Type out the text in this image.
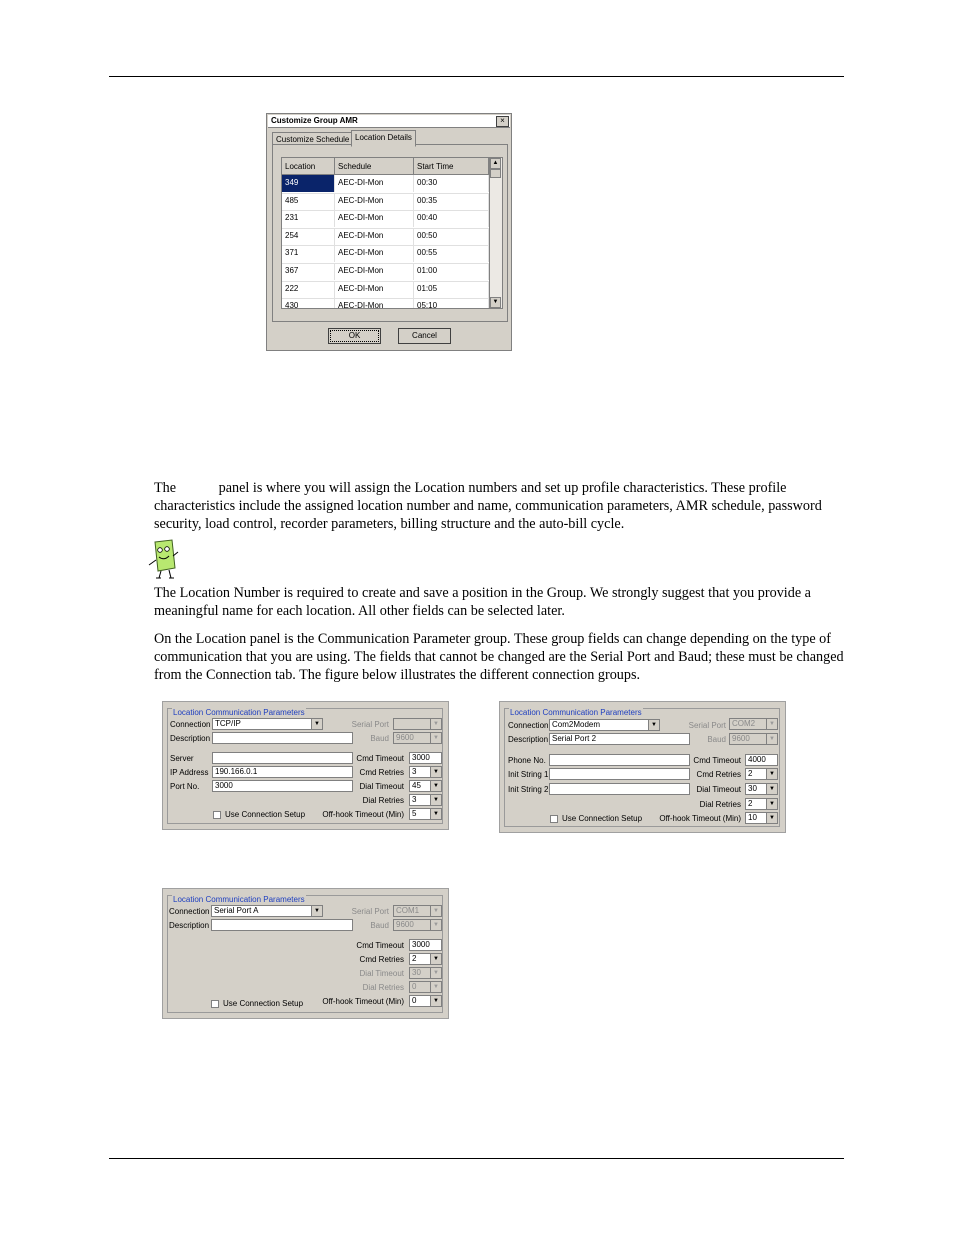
Customize Group AMR	×
Customize Schedule Location Details
Location	Schedule	Start Time
349	AEC-DI-Mon	00:30
485	AEC-DI-Mon	00:35
231	AEC-DI-Mon	00:40
254	AEC-DI-Mon	00:50
371	AEC-DI-Mon	00:55
367	AEC-DI-Mon	01:00
222	AEC-DI-Mon	01:05
430	AEC-DI-Mon	05:10
▲
▼
OK	Cancel

The            panel is where you will assign the Location numbers and set up profile characteristics. These profile characteristics include the assigned location number and name, communication parameters, AMR schedule, password security, load control, recorder parameters, billing structure and the auto-bill cycle.

The Location Number is required to create and save a position in the Group. We strongly suggest that you provide a meaningful name for each location. All other fields can be selected later.

On the Location panel is the Communication Parameter group. These group fields can change depending on the type of communication that you are using. The fields that cannot be changed are the Serial Port and Baud; these must be changed from the Connection tab. The figure below illustrates the different connection groups.

Location Communication Parameters
Connection TCP/IP	▼
Description
Serial Port	▼
Baud 9600	▼
Server
IP Address 190.166.0.1
Port No.	3000
Cmd Timeout	3000
Cmd Retries	3	▼
Dial Timeout	45	▼
Dial Retries	3	▼
Off-hook Timeout (Min)	5	▼
Use Connection Setup
Location Communication Parameters
Connection Com2Modem	▼
Description Serial Port 2
Serial Port COM2	▼
Baud 9600	▼
Phone No.
Init String 1
Init String 2
Cmd Timeout 4000
Cmd Retries 2	▼
Dial Timeout 30	▼
Dial Retries 2	▼
Off-hook Timeout (Min) 10	▼
Use Connection Setup
Location Communication Parameters
Connection Serial Port A	▼
Description
Serial Port COM1	▼
Baud 9600	▼
Cmd Timeout	3000
Cmd Retries	2	▼
Dial Timeout	30	▼
Dial Retries	0	▼
Off-hook Timeout (Min)	0	▼
Use Connection Setup
